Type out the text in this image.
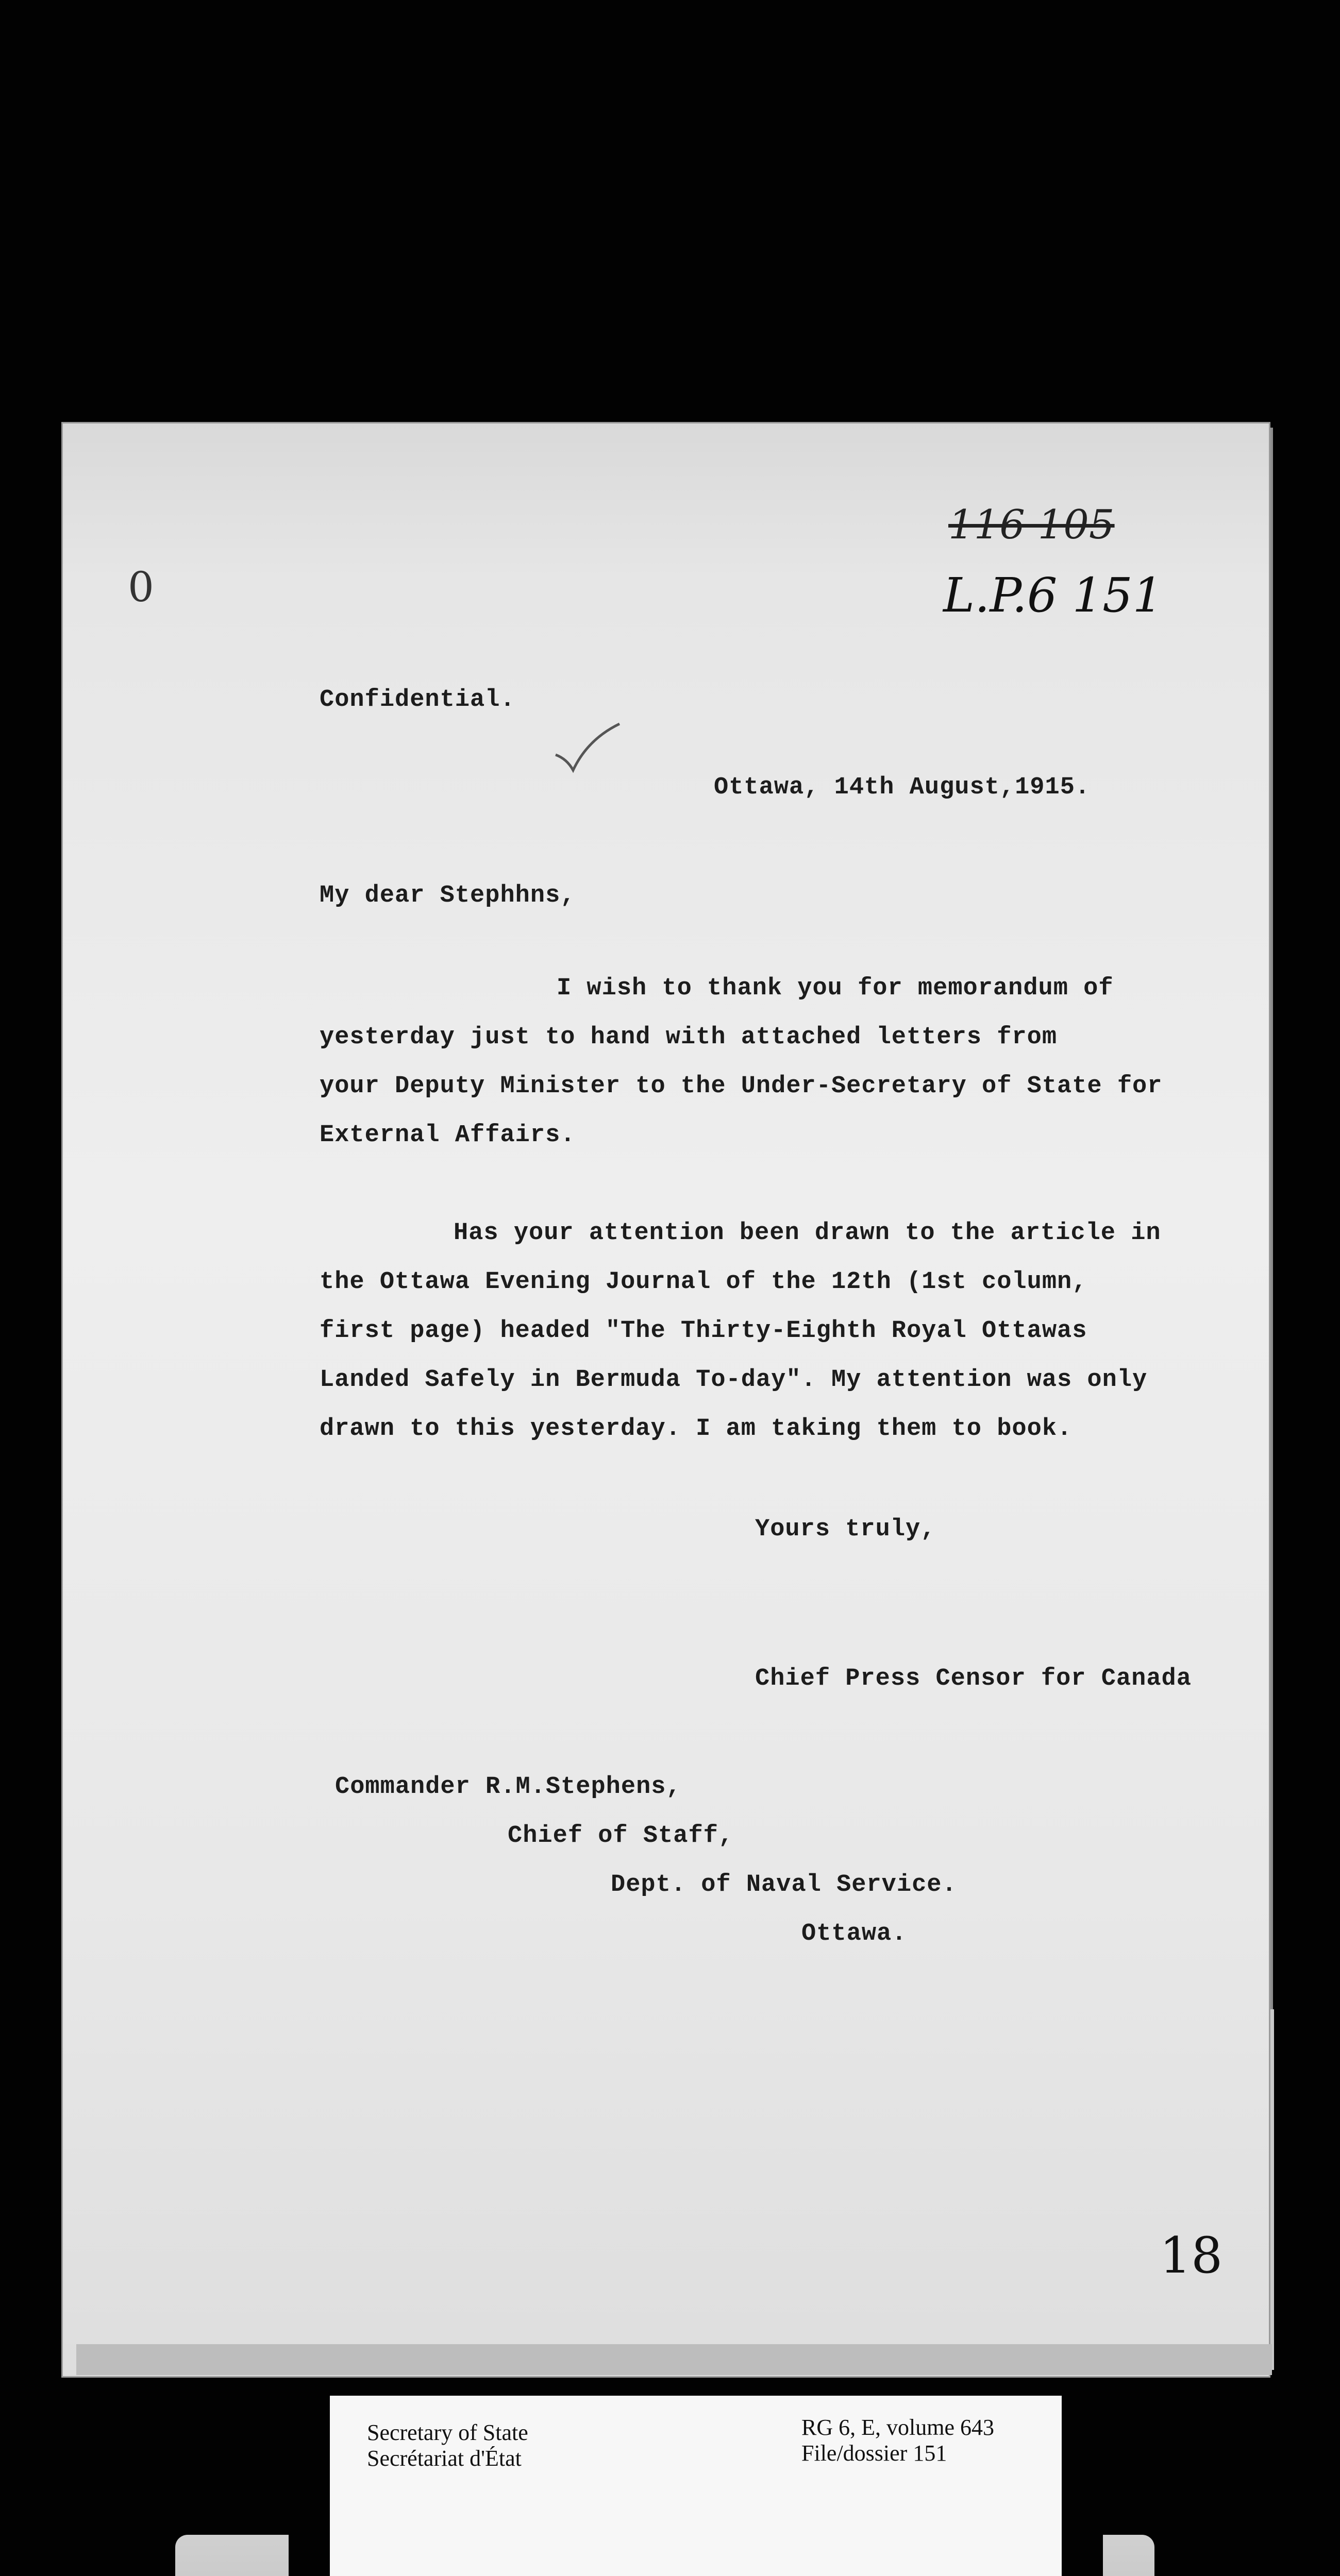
116 105
L.P.6 151
0
18
Confidential.
Ottawa, 14th August,1915.
My dear Stephhns,
I wish to thank you for memorandum of
yesterday just to hand with attached letters from
your Deputy Minister to the Under-Secretary of State for
External Affairs.
Has your attention been drawn to the article in
the Ottawa Evening Journal of the 12th (1st column,
first page) headed "The Thirty-Eighth Royal Ottawas
Landed Safely in Bermuda To-day". My attention was only
drawn to this yesterday. I am taking them to book.
Yours truly,
Chief Press Censor for Canada
Commander R.M.Stephens,
Chief of Staff,
Dept. of Naval Service.
Ottawa.
Secretary of State
Secrétariat d'État
RG 6, E, volume 643
File/dossier 151
